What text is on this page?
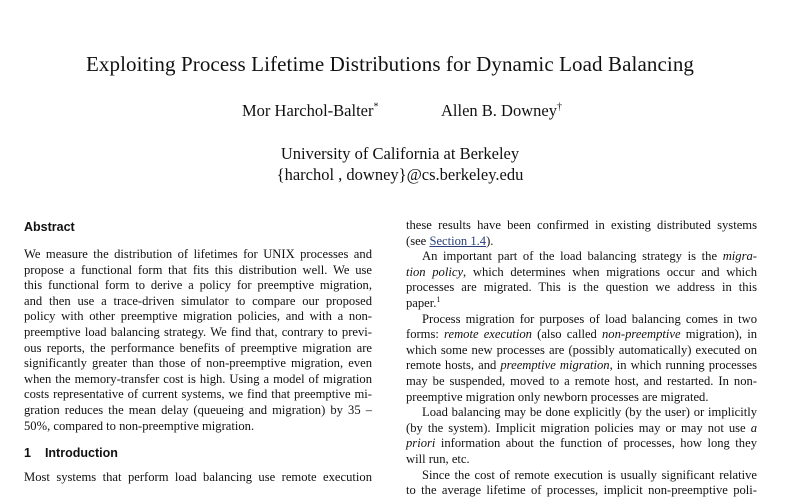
Exploiting Process Lifetime Distributions for Dynamic Load Balancing
Mor Harchol-Balter*	Allen B. Downey†
University of California at Berkeley
{harchol , downey}@cs.berkeley.edu
Abstract
We measure the distribution of lifetimes for UNIX processes and
propose a functional form that fits this distribution well. We use
this functional form to derive a policy for preemptive migration,
and then use a trace-driven simulator to compare our proposed
policy with other preemptive migration policies, and with a non-
preemptive load balancing strategy. We find that, contrary to previ-
ous reports, the performance benefits of preemptive migration are
significantly greater than those of non-preemptive migration, even
when the memory-transfer cost is high. Using a model of migration
costs representative of current systems, we find that preemptive mi-
gration reduces the mean delay (queueing and migration) by 35 –
50%, compared to non-preemptive migration.
1 Introduction
Most systems that perform load balancing use remote execution
these results have been confirmed in existing distributed systems
(see Section 1.4).
An important part of the load balancing strategy is the migra-
tion policy, which determines when migrations occur and which
processes are migrated. This is the question we address in this
paper.$^1$
Process migration for purposes of load balancing comes in two
forms: remote execution (also called non-preemptive migration), in
which some new processes are (possibly automatically) executed on
remote hosts, and preemptive migration, in which running processes
may be suspended, moved to a remote host, and restarted. In non-
preemptive migration only newborn processes are migrated.
Load balancing may be done explicitly (by the user) or implicitly
(by the system). Implicit migration policies may or may not use a
priori information about the function of processes, how long they
will run, etc.
Since the cost of remote execution is usually significant relative
to the average lifetime of processes, implicit non-preemptive poli-
